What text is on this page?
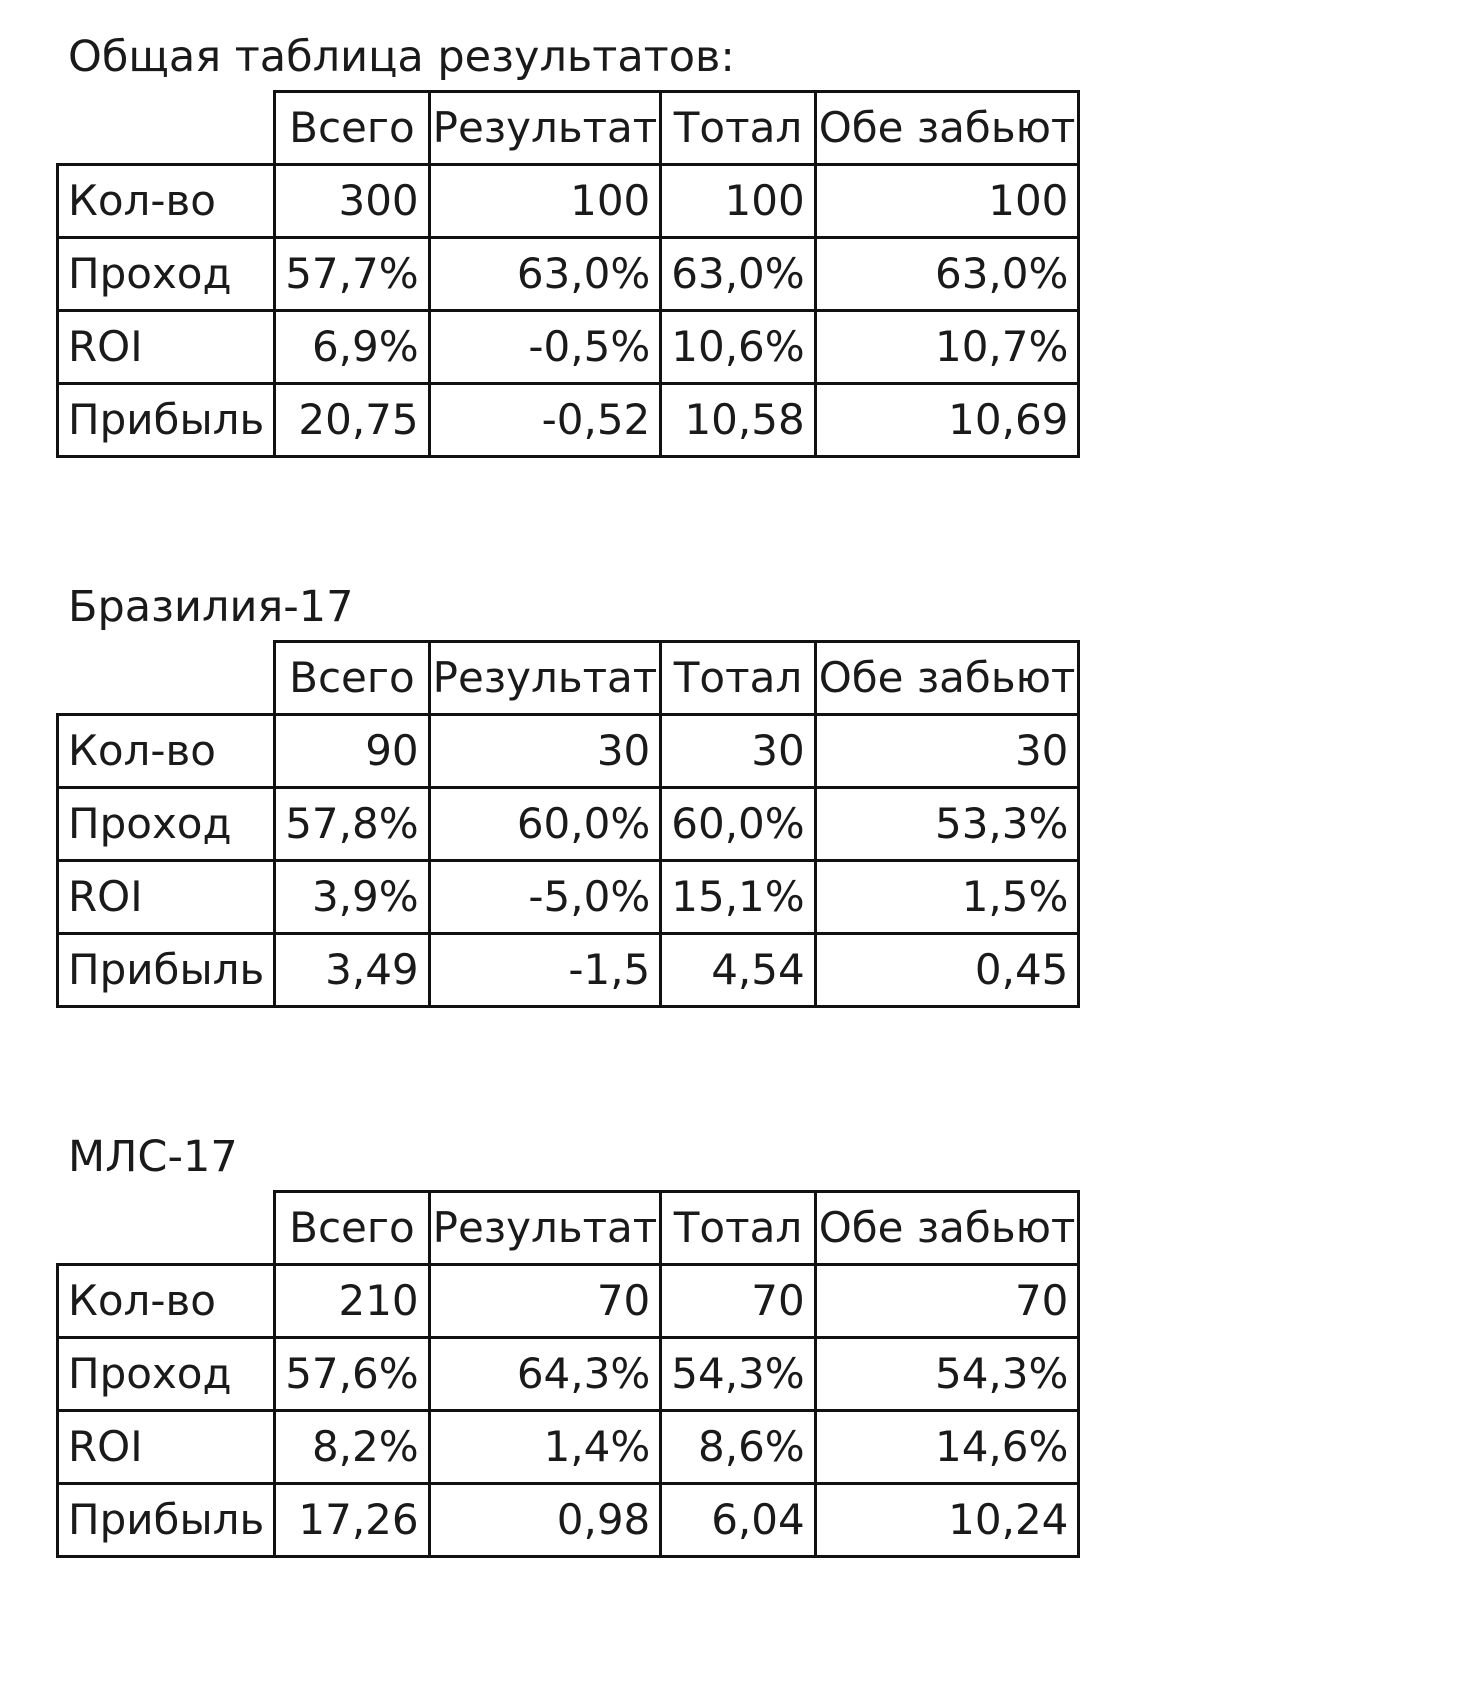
Общая таблица результатов:
	Всего	Результат	Тотал	Обе забьют
Кол-во	300	100	100	100
Проход	57,7%	63,0%	63,0%	63,0%
ROI	6,9%	-0,5%	10,6%	10,7%
Прибыль	20,75	-0,52	10,58	10,69
Бразилия-17
	Всего	Результат	Тотал	Обе забьют
Кол-во	90	30	30	30
Проход	57,8%	60,0%	60,0%	53,3%
ROI	3,9%	-5,0%	15,1%	1,5%
Прибыль	3,49	-1,5	4,54	0,45
МЛС-17
	Всего	Результат	Тотал	Обе забьют
Кол-во	210	70	70	70
Проход	57,6%	64,3%	54,3%	54,3%
ROI	8,2%	1,4%	8,6%	14,6%
Прибыль	17,26	0,98	6,04	10,24
